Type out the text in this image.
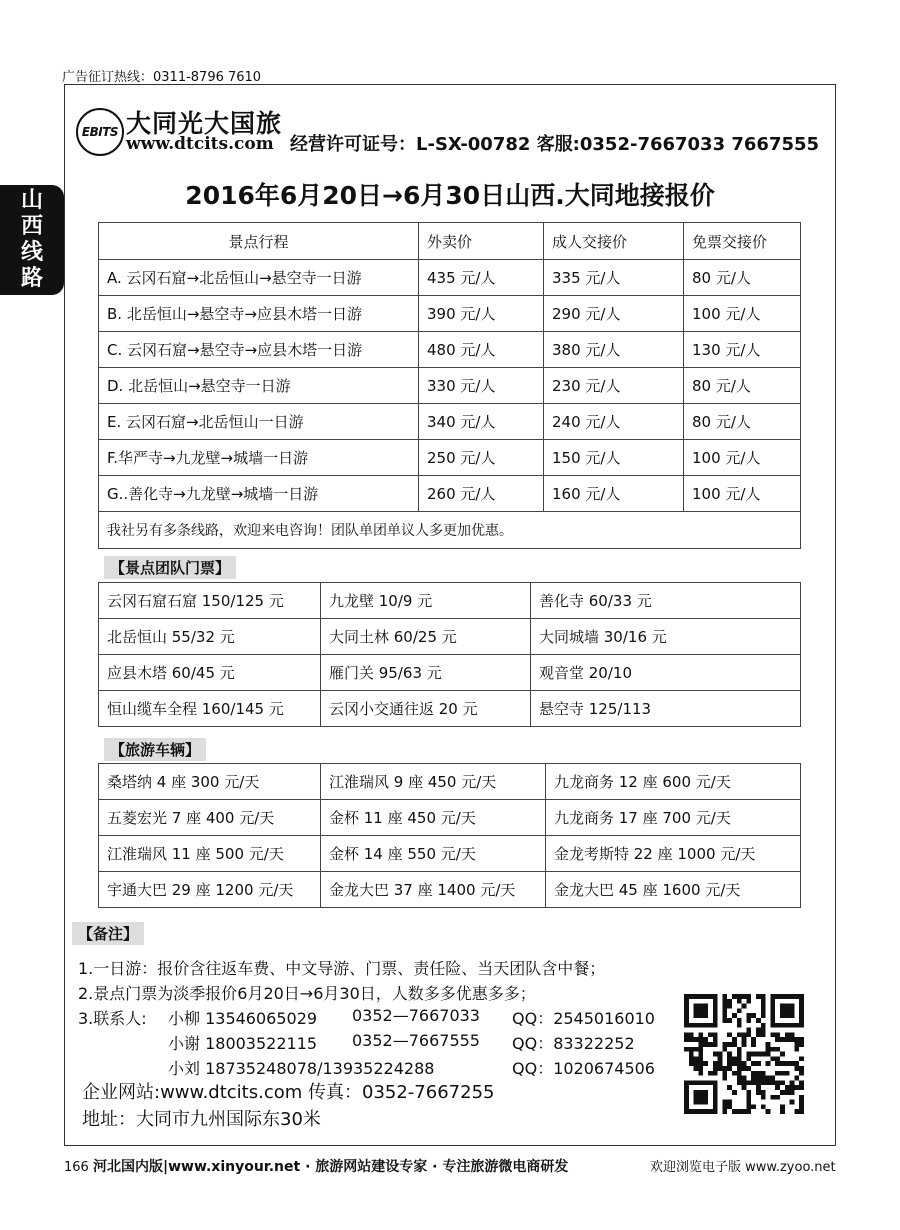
广告征订热线：0311-8796 7610
山
西
线
路
EBITS 大同光大国旅
www.dtcits.com 经营许可证号：L-SX-00782 客服:0352-7667033 7667555
2016年6月20日→6月30日山西.大同地接报价
景点行程	外卖价	成人交接价	免票交接价
A. 云冈石窟→北岳恒山→悬空寺一日游	435 元/人	335 元/人	80 元/人
B. 北岳恒山→悬空寺→应县木塔一日游	390 元/人	290 元/人	100 元/人
C. 云冈石窟→悬空寺→应县木塔一日游	480 元/人	380 元/人	130 元/人
D. 北岳恒山→悬空寺一日游	330 元/人	230 元/人	80 元/人
E. 云冈石窟→北岳恒山一日游	340 元/人	240 元/人	80 元/人
F.华严寺→九龙壁→城墙一日游	250 元/人	150 元/人	100 元/人
G..善化寺→九龙壁→城墙一日游	260 元/人	160 元/人	100 元/人
我社另有多条线路，欢迎来电咨询！团队单团单议人多更加优惠。			
【景点团队门票】
云冈石窟石窟 150/125 元	九龙壁 10/9 元	善化寺 60/33 元
北岳恒山 55/32 元	大同土林 60/25 元	大同城墙 30/16 元
应县木塔 60/45 元	雁门关 95/63 元	观音堂 20/10
恒山缆车全程 160/145 元	云冈小交通往返 20 元	悬空寺 125/113
【旅游车辆】
桑塔纳 4 座 300 元/天	江淮瑞风 9 座 450 元/天	九龙商务 12 座 600 元/天
五菱宏光 7 座 400 元/天	金杯 11 座 450 元/天	九龙商务 17 座 700 元/天
江淮瑞风 11 座 500 元/天	金杯 14 座 550 元/天	金龙考斯特 22 座 1000 元/天
宇通大巴 29 座 1200 元/天	金龙大巴 37 座 1400 元/天	金龙大巴 45 座 1600 元/天
【备注】
1.一日游：报价含往返车费、中文导游、门票、责任险、当天团队含中餐；
2.景点门票为淡季报价6月20日→6月30日，人数多多优惠多多；
3.联系人: 小柳 13546065029 0352—7667033 QQ：2545016010
小谢 18003522115 0352—7667555 QQ：83322252
小刘 18735248078/13935224288	QQ：1020674506
企业网站:www.dtcits.com 传真：0352-7667255
地址：大同市九州国际东30米
166 河北国内版|www.xinyour.net · 旅游网站建设专家 · 专注旅游微电商研发	欢迎浏览电子版 www.zyoo.net
